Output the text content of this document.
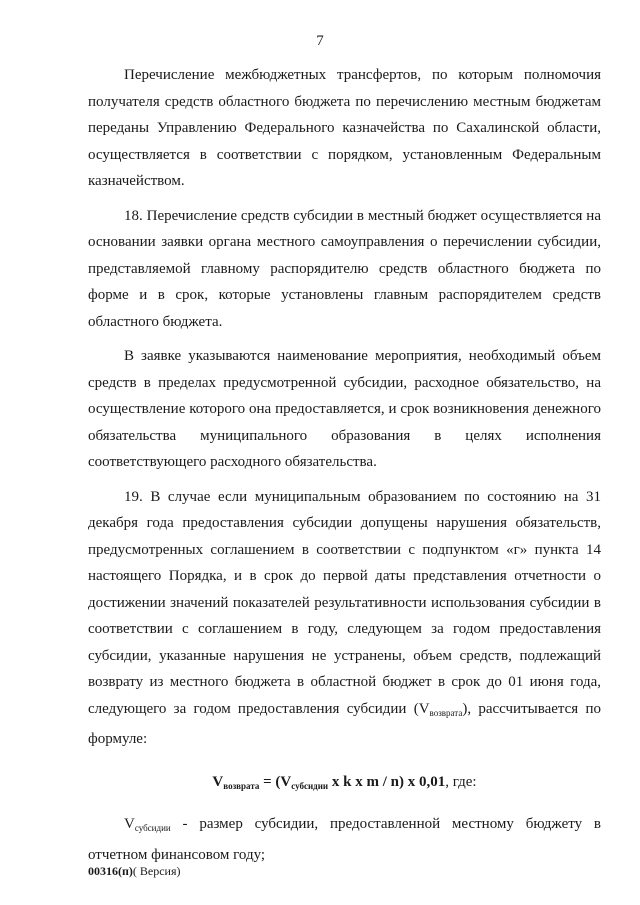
7

Перечисление межбюджетных трансфертов, по которым полномочия получателя средств областного бюджета по перечислению местным бюджетам переданы Управлению Федерального казначейства по Сахалинской области, осуществляется в соответствии с порядком, установленным Федеральным казначейством.

18. Перечисление средств субсидии в местный бюджет осуществляется на основании заявки органа местного самоуправления о перечислении субсидии, представляемой главному распорядителю средств областного бюджета по форме и в срок, которые установлены главным распорядителем средств областного бюджета.

В заявке указываются наименование мероприятия, необходимый объем средств в пределах предусмотренной субсидии, расходное обязательство, на осуществление которого она предоставляется, и срок возникновения денежного обязательства муниципального образования в целях исполнения соответствующего расходного обязательства.

19. В случае если муниципальным образованием по состоянию на 31 декабря года предоставления субсидии допущены нарушения обязательств, предусмотренных соглашением в соответствии с подпунктом «г» пункта 14 настоящего Порядка, и в срок до первой даты представления отчетности о достижении значений показателей результативности использования субсидии в соответствии с соглашением в году, следующем за годом предоставления субсидии, указанные нарушения не устранены, объем средств, подлежащий возврату из местного бюджета в областной бюджет в срок до 01 июня года, следующего за годом предоставления субсидии $(V_{возврата})$, рассчитывается по формуле:

$V_{возврата} = (V_{субсидии}$ x k x m / n) x 0,01, где:

$V_{субсидии}$ - размер субсидии, предоставленной местному бюджету в отчетном финансовом году;

00316(п)( Версия)
